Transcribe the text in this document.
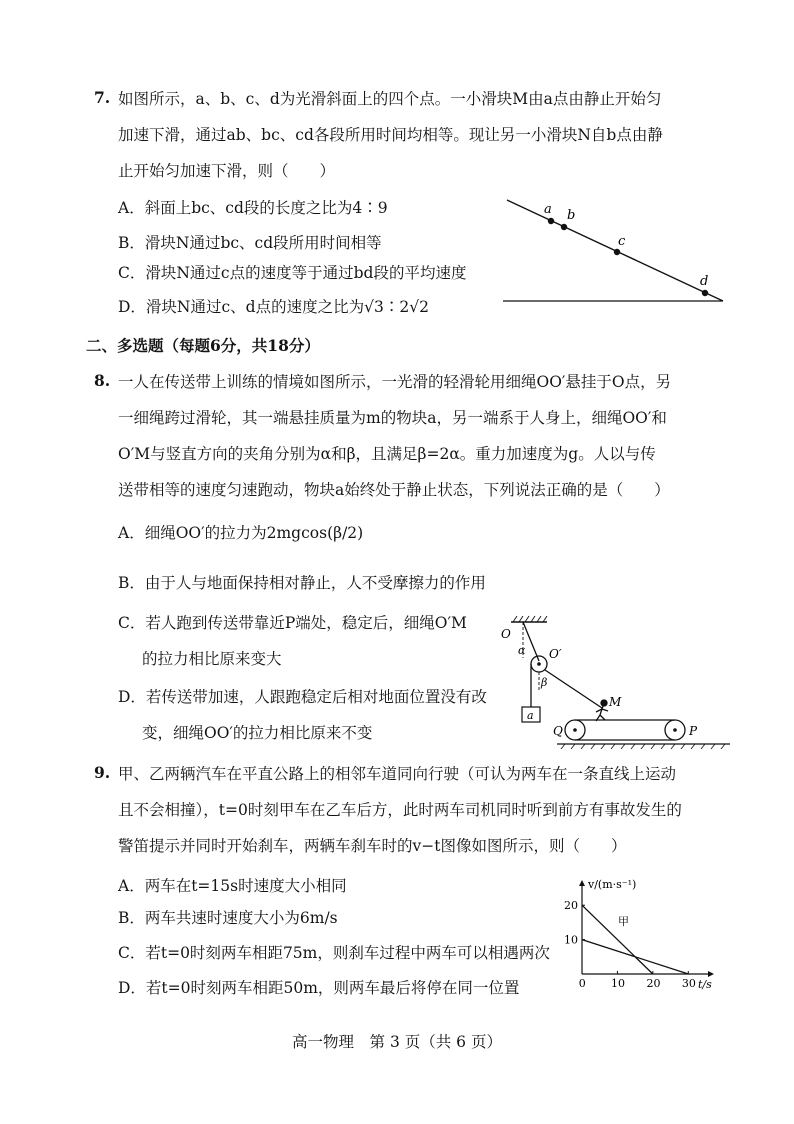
7. 如图所示，a、b、c、d为光滑斜面上的四个点。一小滑块M由a点由静止开始匀
加速下滑，通过ab、bc、cd各段所用时间均相等。现让另一小滑块N自b点由静
止开始匀加速下滑，则（　　）
A．斜面上bc、cd段的长度之比为4∶9
B．滑块N通过bc、cd段所用时间相等
C．滑块N通过c点的速度等于通过bd段的平均速度
D．滑块N通过c、d点的速度之比为√3∶2√2
a b
c
d
二、多选题（每题6分，共18分）
8. 一人在传送带上训练的情境如图所示，一光滑的轻滑轮用细绳OO′悬挂于O点，另
一细绳跨过滑轮，其一端悬挂质量为m的物块a，另一端系于人身上，细绳OO′和
O′M与竖直方向的夹角分别为α和β，且满足β=2α。重力加速度为g。人以与传
送带相等的速度匀速跑动，物块a始终处于静止状态，下列说法正确的是（　　）
A．细绳OO′的拉力为2mgcos(β/2)
B．由于人与地面保持相对静止，人不受摩擦力的作用
C．若人跑到传送带靠近P端处，稳定后，细绳O′M
的拉力相比原来变大
D．若传送带加速，人跟跑稳定后相对地面位置没有改
变，细绳OO′的拉力相比原来不变
O
α O′
a
β
M
Q	P
9. 甲、乙两辆汽车在平直公路上的相邻车道同向行驶（可认为两车在一条直线上运动
且不会相撞），t=0时刻甲车在乙车后方，此时两车司机同时听到前方有事故发生的
警笛提示并同时开始刹车，两辆车刹车时的v−t图像如图所示，则（　　）
A．两车在t=15s时速度大小相同
B．两车共速时速度大小为6m/s
C．若t=0时刻两车相距75m，则刹车过程中两车可以相遇两次
D．若t=0时刻两车相距50m，则两车最后将停在同一位置
v/(m·s⁻¹)
t/s
0 10 20 30
10
20
甲
高一物理　第 3 页（共 6 页）
